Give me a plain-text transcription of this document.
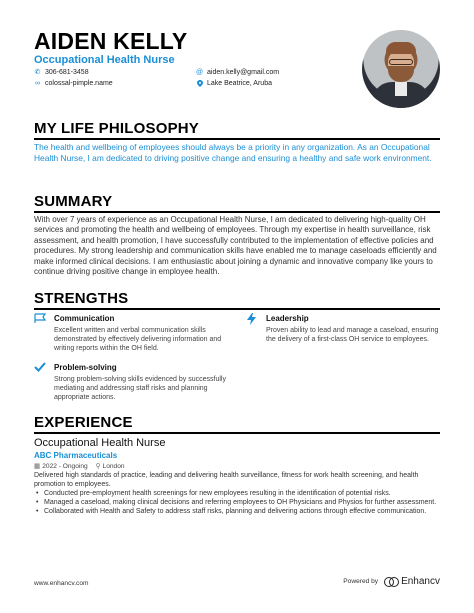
AIDEN KELLY
Occupational Health Nurse
✆ 306-681-3458
∞ colossal-pimple.name
@ aiden.kelly@gmail.com
Lake Beatrice, Aruba
MY LIFE PHILOSOPHY
The health and wellbeing of employees should always be a priority in any organization. As an Occupational Health Nurse, I am dedicated to driving positive change and ensuring a healthy and safe work environment.
SUMMARY
With over 7 years of experience as an Occupational Health Nurse, I am dedicated to delivering high-quality OH services and promoting the health and wellbeing of employees. Through my expertise in health surveillance, risk assessment, and health promotion, I have successfully contributed to the implementation of effective policies and procedures. My strong leadership and communication skills have enabled me to manage caseloads efficiently and make informed clinical decisions. I am enthusiastic about joining a dynamic and innovative company like yours to continue driving positive change in employee health.
STRENGTHS
Communication
Excellent written and verbal communication skills demonstrated by effectively delivering information and writing reports within the OH field.
Leadership
Proven ability to lead and manage a caseload, ensuring the delivery of a first-class OH service to employees.
Problem-solving
Strong problem-solving skills evidenced by successfully mediating and addressing staff risks and planning appropriate actions.
EXPERIENCE
Occupational Health Nurse
ABC Pharmaceuticals
▦ 2022 - Ongoing ⚲ London
Delivered high standards of practice, leading and delivering health surveillance, fitness for work health screening, and health promotion to employees.
• Conducted pre-employment health screenings for new employees resulting in the identification of potential risks.
• Managed a caseload, making clinical decisions and referring employees to OH Physicians and Physios for further assessment.
• Collaborated with Health and Safety to address staff risks, planning and delivering actions through effective communication.
www.enhancv.com	Powered by Enhancv
